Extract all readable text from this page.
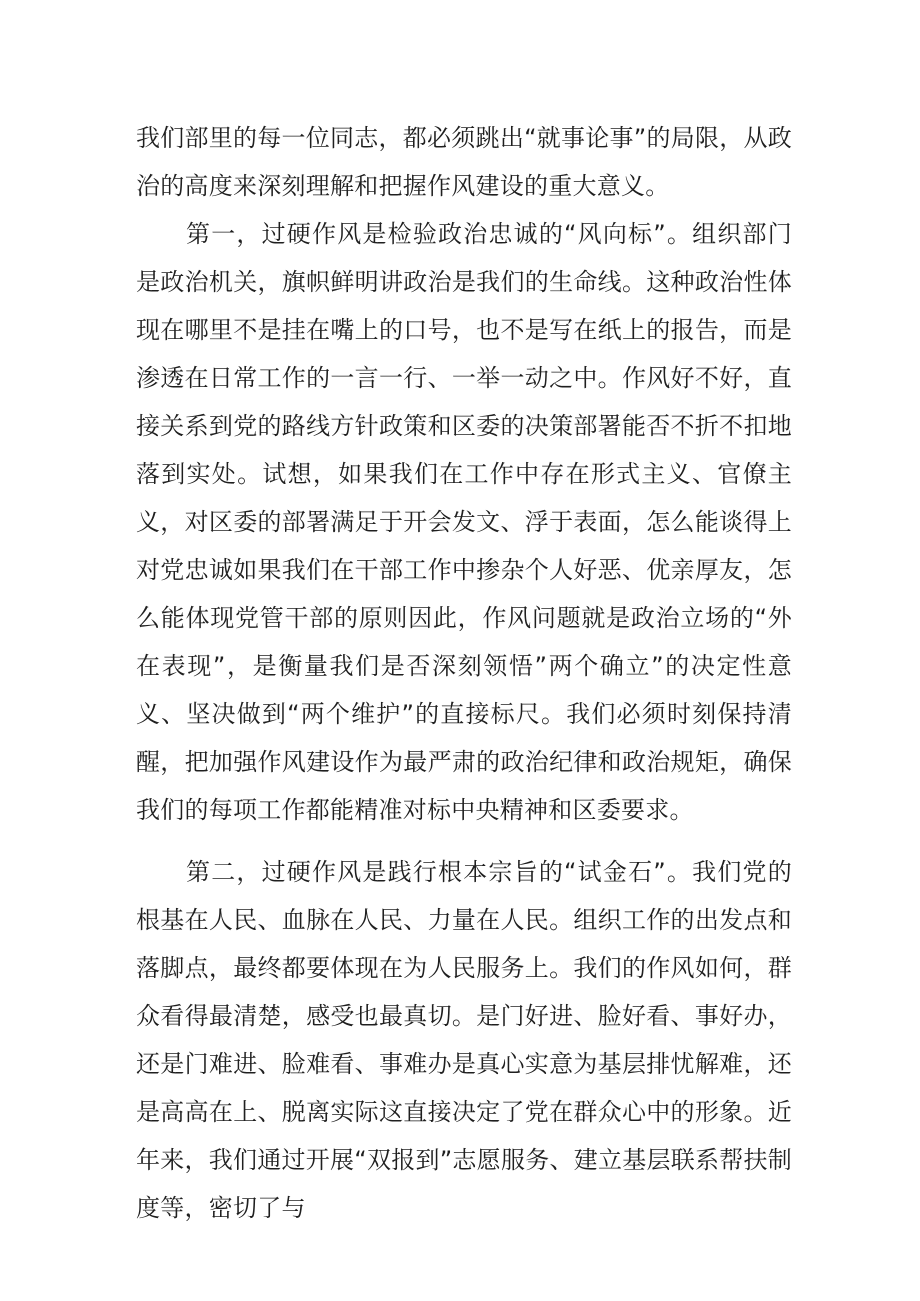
我们部里的每一位同志，都必须跳出“就事论事”的局限，从政治的高度来深刻理解和把握作风建设的重大意义。

第一，过硬作风是检验政治忠诚的“风向标”。组织部门是政治机关，旗帜鲜明讲政治是我们的生命线。这种政治性体现在哪里不是挂在嘴上的口号，也不是写在纸上的报告，而是渗透在日常工作的一言一行、一举一动之中。作风好不好，直接关系到党的路线方针政策和区委的决策部署能否不折不扣地落到实处。试想，如果我们在工作中存在形式主义、官僚主义，对区委的部署满足于开会发文、浮于表面，怎么能谈得上对党忠诚如果我们在干部工作中掺杂个人好恶、优亲厚友，怎么能体现党管干部的原则因此，作风问题就是政治立场的“外在表现”，是衡量我们是否深刻领悟”两个确立”的决定性意义、坚决做到“两个维护”的直接标尺。我们必须时刻保持清醒，把加强作风建设作为最严肃的政治纪律和政治规矩，确保我们的每项工作都能精准对标中央精神和区委要求。

第二，过硬作风是践行根本宗旨的“试金石”。我们党的根基在人民、血脉在人民、力量在人民。组织工作的出发点和落脚点，最终都要体现在为人民服务上。我们的作风如何，群众看得最清楚，感受也最真切。是门好进、脸好看、事好办，还是门难进、脸难看、事难办是真心实意为基层排忧解难，还是高高在上、脱离实际这直接决定了党在群众心中的形象。近年来，我们通过开展“双报到”志愿服务、建立基层联系帮扶制度等，密切了与
